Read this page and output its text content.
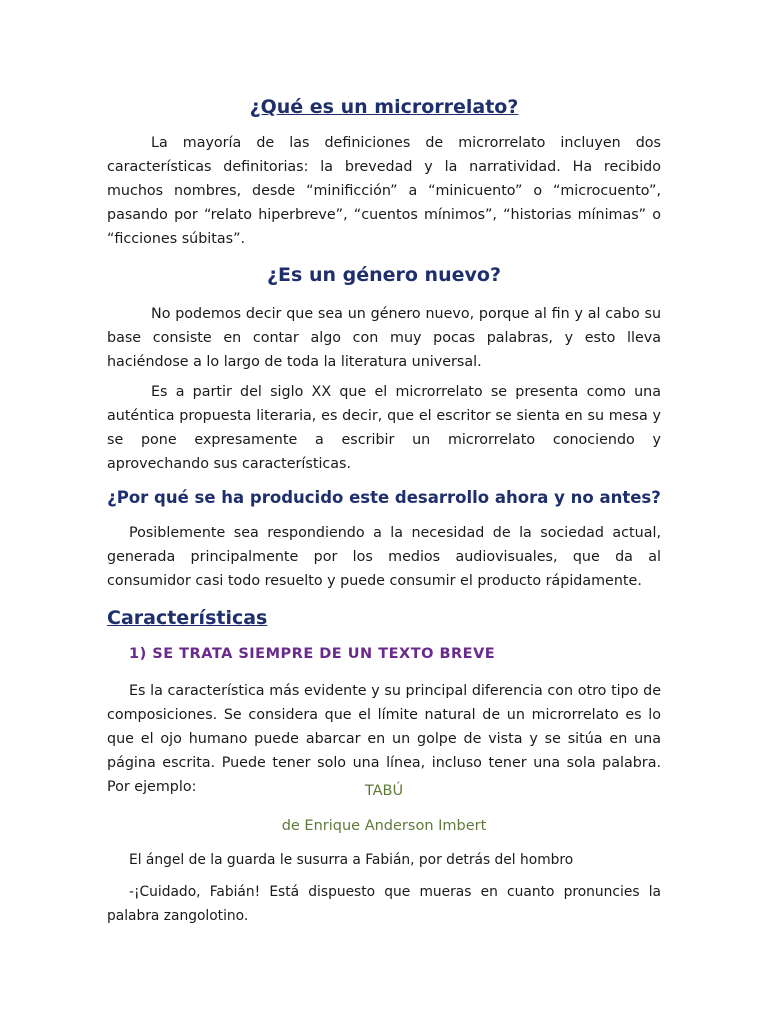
¿Qué es un microrrelato?

La mayoría de las definiciones de microrrelato incluyen dos características definitorias: la brevedad y la narratividad. Ha recibido muchos nombres, desde “minificción” a “minicuento” o “microcuento”, pasando por “relato hiperbreve”, “cuentos mínimos”, “historias mínimas” o “ficciones súbitas”.

¿Es un género nuevo?

No podemos decir que sea un género nuevo, porque al fin y al cabo su base consiste en contar algo con muy pocas palabras, y esto lleva haciéndose a lo largo de toda la literatura universal.

Es a partir del siglo XX que el microrrelato se presenta como una auténtica propuesta literaria, es decir, que el escritor se sienta en su mesa y se pone expresamente a escribir un microrrelato conociendo y aprovechando sus características.

¿Por qué se ha producido este desarrollo ahora y no antes?

Posiblemente sea respondiendo a la necesidad de la sociedad actual, generada principalmente por los medios audiovisuales, que da al consumidor casi todo resuelto y puede consumir el producto rápidamente.

Características
1) SE TRATA SIEMPRE DE UN TEXTO BREVE

Es la característica más evidente y su principal diferencia con otro tipo de composiciones. Se considera que el límite natural de un microrrelato es lo que el ojo humano puede abarcar en un golpe de vista y se sitúa en una página escrita. Puede tener solo una línea, incluso tener una sola palabra. Por ejemplo:	TABÚ

de Enrique Anderson Imbert

El ángel de la guarda le susurra a Fabián, por detrás del hombro

-¡Cuidado, Fabián! Está dispuesto que mueras en cuanto pronuncies la palabra zangolotino.
